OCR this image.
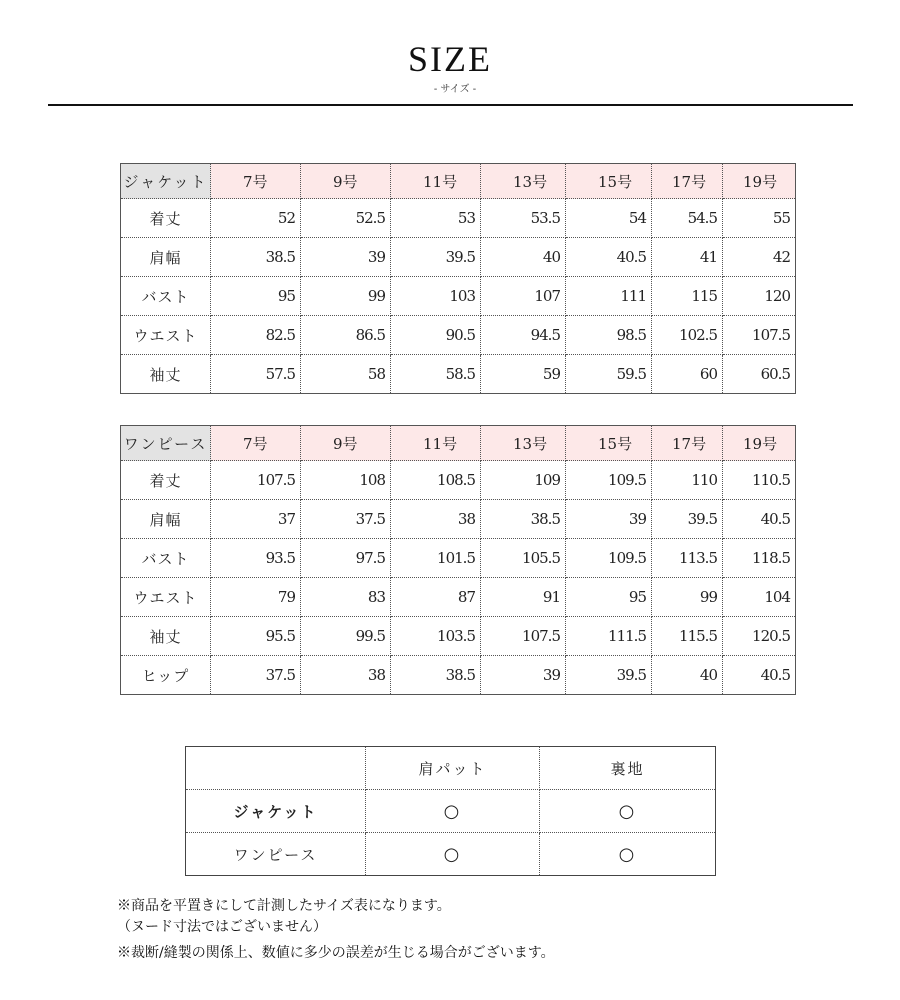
SIZE
- サイズ -
ジャケット	7号	9号	11号	13号	15号	17号	19号
着丈	52	52.5	53	53.5	54	54.5	55
肩幅	38.5	39	39.5	40	40.5	41	42
バスト	95	99	103	107	111	115	120
ウエスト	82.5	86.5	90.5	94.5	98.5	102.5	107.5
袖丈	57.5	58	58.5	59	59.5	60	60.5
ワンピース	7号	9号	11号	13号	15号	17号	19号
着丈	107.5	108	108.5	109	109.5	110	110.5
肩幅	37	37.5	38	38.5	39	39.5	40.5
バスト	93.5	97.5	101.5	105.5	109.5	113.5	118.5
ウエスト	79	83	87	91	95	99	104
袖丈	95.5	99.5	103.5	107.5	111.5	115.5	120.5
ヒップ	37.5	38	38.5	39	39.5	40	40.5
	肩パット	裏地
ジャケット	○	○
ワンピース	○	○

※商品を平置きにして計測したサイズ表になります。

（ヌード寸法ではございません）

※裁断/縫製の関係上、数値に多少の誤差が生じる場合がございます。
